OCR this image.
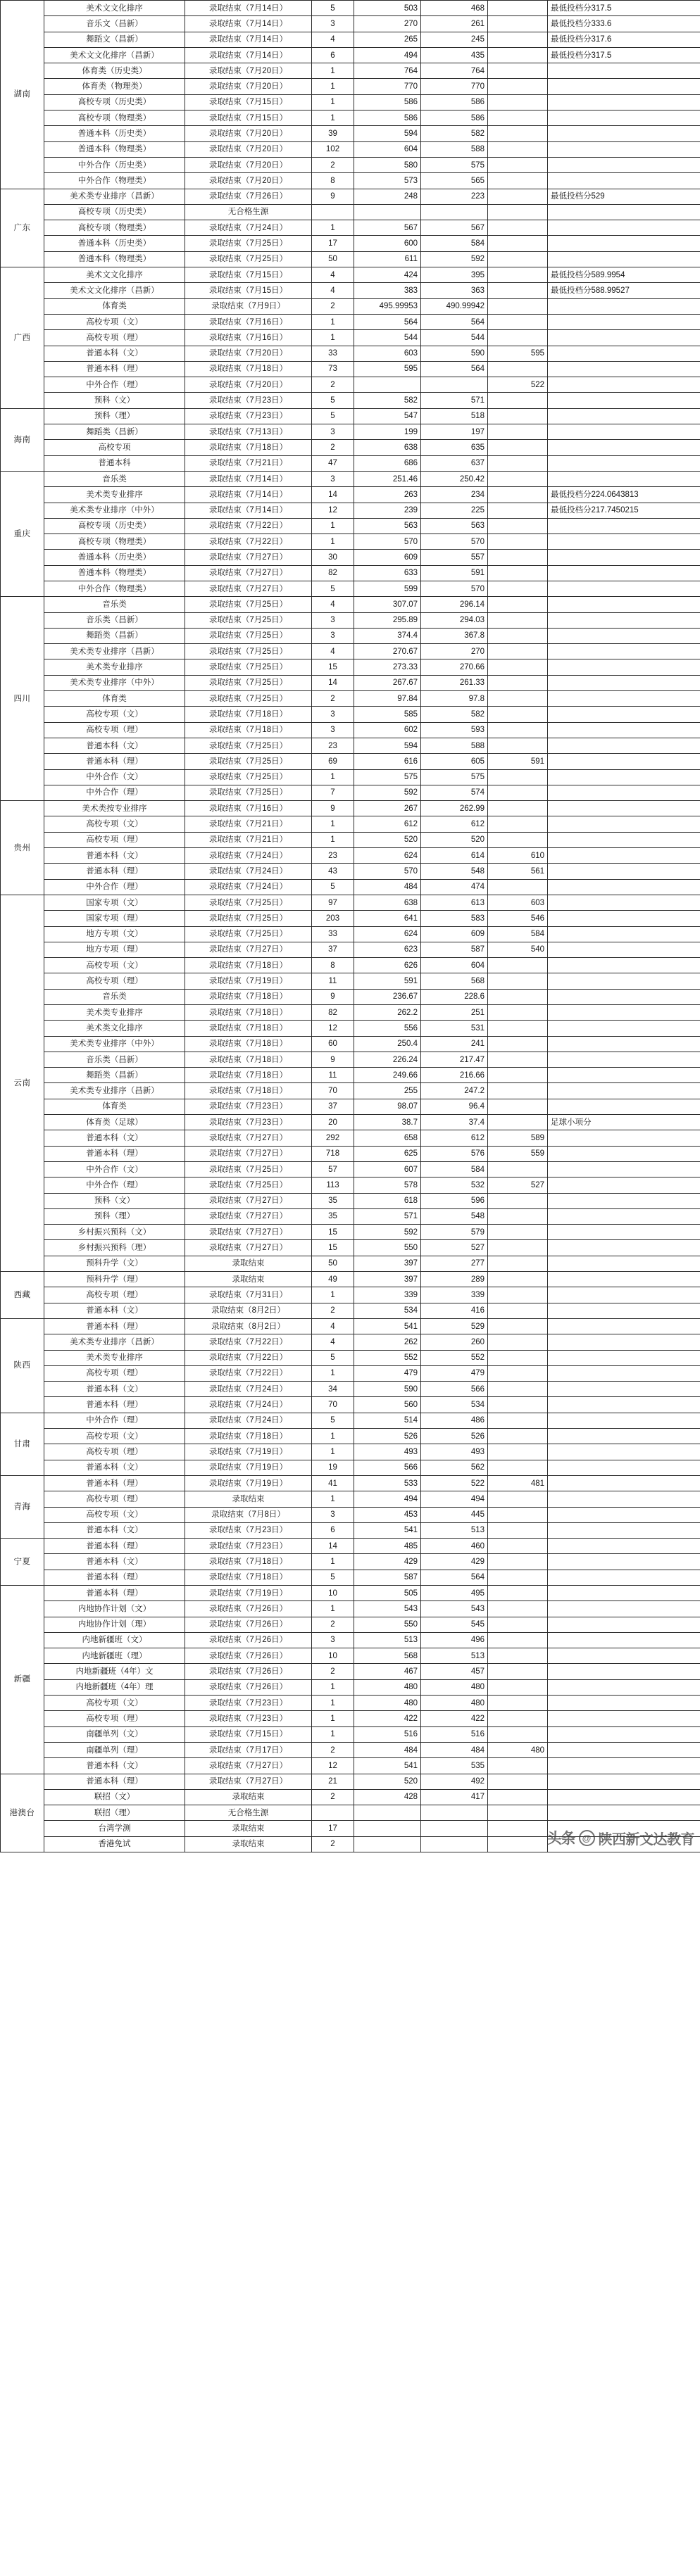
湖南	美术文文化排序	录取结束（7月14日）	5	503	468		最低投档分317.5
	音乐文（昌新）	录取结束（7月14日）	3	270	261		最低投档分333.6
	舞蹈文（昌新）	录取结束（7月14日）	4	265	245		最低投档分317.6
	美术文文化排序（昌新）	录取结束（7月14日）	6	494	435		最低投档分317.5
	体育类（历史类）	录取结束（7月20日）	1	764	764		
	体育类（物理类）	录取结束（7月20日）	1	770	770		
	高校专项（历史类）	录取结束（7月15日）	1	586	586		
	高校专项（物理类）	录取结束（7月15日）	1	586	586		
	普通本科（历史类）	录取结束（7月20日）	39	594	582		
	普通本科（物理类）	录取结束（7月20日）	102	604	588		
	中外合作（历史类）	录取结束（7月20日）	2	580	575		
	中外合作（物理类）	录取结束（7月20日）	8	573	565		
广东	美术类专业排序（昌新）	录取结束（7月26日）	9	248	223		最低投档分529
	高校专项（历史类）	无合格生源					
	高校专项（物理类）	录取结束（7月24日）	1	567	567		
	普通本科（历史类）	录取结束（7月25日）	17	600	584		
	普通本科（物理类）	录取结束（7月25日）	50	611	592		
广西	美术文文化排序	录取结束（7月15日）	4	424	395		最低投档分589.9954
	美术文文化排序（昌新）	录取结束（7月15日）	4	383	363		最低投档分588.99527
	体育类	录取结束（7月9日）	2	495.99953	490.99942		
	高校专项（文）	录取结束（7月16日）	1	564	564		
	高校专项（理）	录取结束（7月16日）	1	544	544		
	普通本科（文）	录取结束（7月20日）	33	603	590	595	
	普通本科（理）	录取结束（7月18日）	73	595	564		
	中外合作（理）	录取结束（7月20日）	2			522	
	预科（文）	录取结束（7月23日）	5	582	571		
海南	预科（理）	录取结束（7月23日）	5	547	518		
	舞蹈类（昌新）	录取结束（7月13日）	3	199	197		
	高校专项	录取结束（7月18日）	2	638	635		
	普通本科	录取结束（7月21日）	47	686	637		
重庆	音乐类	录取结束（7月14日）	3	251.46	250.42		
	美术类专业排序	录取结束（7月14日）	14	263	234		最低投档分224.0643813
	美术类专业排序（中外）	录取结束（7月14日）	12	239	225		最低投档分217.7450215
	高校专项（历史类）	录取结束（7月22日）	1	563	563		
	高校专项（物理类）	录取结束（7月22日）	1	570	570		
	普通本科（历史类）	录取结束（7月27日）	30	609	557		
	普通本科（物理类）	录取结束（7月27日）	82	633	591		
	中外合作（物理类）	录取结束（7月27日）	5	599	570		
四川	音乐类	录取结束（7月25日）	4	307.07	296.14		
	音乐类（昌新）	录取结束（7月25日）	3	295.89	294.03		
	舞蹈类（昌新）	录取结束（7月25日）	3	374.4	367.8		
	美术类专业排序（昌新）	录取结束（7月25日）	4	270.67	270		
	美术类专业排序	录取结束（7月25日）	15	273.33	270.66		
	美术类专业排序（中外）	录取结束（7月25日）	14	267.67	261.33		
	体育类	录取结束（7月25日）	2	97.84	97.8		
	高校专项（文）	录取结束（7月18日）	3	585	582		
	高校专项（理）	录取结束（7月18日）	3	602	593		
	普通本科（文）	录取结束（7月25日）	23	594	588		
	普通本科（理）	录取结束（7月25日）	69	616	605	591	
	中外合作（文）	录取结束（7月25日）	1	575	575		
	中外合作（理）	录取结束（7月25日）	7	592	574		
贵州	美术类按专业排序	录取结束（7月16日）	9	267	262.99		
	高校专项（文）	录取结束（7月21日）	1	612	612		
	高校专项（理）	录取结束（7月21日）	1	520	520		
	普通本科（文）	录取结束（7月24日）	23	624	614	610	
	普通本科（理）	录取结束（7月24日）	43	570	548	561	
	中外合作（理）	录取结束（7月24日）	5	484	474		
云南	国家专项（文）	录取结束（7月25日）	97	638	613	603	
	国家专项（理）	录取结束（7月25日）	203	641	583	546	
	地方专项（文）	录取结束（7月25日）	33	624	609	584	
	地方专项（理）	录取结束（7月27日）	37	623	587	540	
	高校专项（文）	录取结束（7月18日）	8	626	604		
	高校专项（理）	录取结束（7月19日）	11	591	568		
	音乐类	录取结束（7月18日）	9	236.67	228.6		
	美术类专业排序	录取结束（7月18日）	82	262.2	251		
	美术类文化排序	录取结束（7月18日）	12	556	531		
	美术类专业排序（中外）	录取结束（7月18日）	60	250.4	241		
	音乐类（昌新）	录取结束（7月18日）	9	226.24	217.47		
	舞蹈类（昌新）	录取结束（7月18日）	11	249.66	216.66		
	美术类专业排序（昌新）	录取结束（7月18日）	70	255	247.2		
	体育类	录取结束（7月23日）	37	98.07	96.4		
	体育类（足球）	录取结束（7月23日）	20	38.7	37.4		足球小项分
	普通本科（文）	录取结束（7月27日）	292	658	612	589	
	普通本科（理）	录取结束（7月27日）	718	625	576	559	
	中外合作（文）	录取结束（7月25日）	57	607	584		
	中外合作（理）	录取结束（7月25日）	113	578	532	527	
	预科（文）	录取结束（7月27日）	35	618	596		
	预科（理）	录取结束（7月27日）	35	571	548		
	乡村振兴预科（文）	录取结束（7月27日）	15	592	579		
	乡村振兴预科（理）	录取结束（7月27日）	15	550	527		
	预科升学（文）	录取结束	50	397	277		
西藏	预科升学（理）	录取结束	49	397	289		
	高校专项（理）	录取结束（7月31日）	1	339	339		
	普通本科（文）	录取结束（8月2日）	2	534	416		
陕西	普通本科（理）	录取结束（8月2日）	4	541	529		
	美术类专业排序（昌新）	录取结束（7月22日）	4	262	260		
	美术类专业排序	录取结束（7月22日）	5	552	552		
	高校专项（理）	录取结束（7月22日）	1	479	479		
	普通本科（文）	录取结束（7月24日）	34	590	566		
	普通本科（理）	录取结束（7月24日）	70	560	534		
甘肃	中外合作（理）	录取结束（7月24日）	5	514	486		
	高校专项（文）	录取结束（7月18日）	1	526	526		
	高校专项（理）	录取结束（7月19日）	1	493	493		
	普通本科（文）	录取结束（7月19日）	19	566	562		
青海	普通本科（理）	录取结束（7月19日）	41	533	522	481	
	高校专项（理）	录取结束	1	494	494		
	高校专项（文）	录取结束（7月8日）	3	453	445		
	普通本科（文）	录取结束（7月23日）	6	541	513		
宁夏	普通本科（理）	录取结束（7月23日）	14	485	460		
	普通本科（文）	录取结束（7月18日）	1	429	429		
	普通本科（理）	录取结束（7月18日）	5	587	564		
新疆	普通本科（理）	录取结束（7月19日）	10	505	495		
	内地协作计划（文）	录取结束（7月26日）	1	543	543		
	内地协作计划（理）	录取结束（7月26日）	2	550	545		
	内地新疆班（文）	录取结束（7月26日）	3	513	496		
	内地新疆班（理）	录取结束（7月26日）	10	568	513		
	内地新疆班（4年）文	录取结束（7月26日）	2	467	457		
	内地新疆班（4年）理	录取结束（7月26日）	1	480	480		
	高校专项（文）	录取结束（7月23日）	1	480	480		
	高校专项（理）	录取结束（7月23日）	1	422	422		
	南疆单列（文）	录取结束（7月15日）	1	516	516		
	南疆单列（理）	录取结束（7月17日）	2	484	484	480	
	普通本科（文）	录取结束（7月27日）	12	541	535		
港澳台	普通本科（理）	录取结束（7月27日）	21	520	492		
	联招（文）	录取结束	2	428	417		
	联招（理）	无合格生源					
	台湾学测	录取结束	17				
	香港免试	录取结束	2					头条 @ 陕西新文达教育
